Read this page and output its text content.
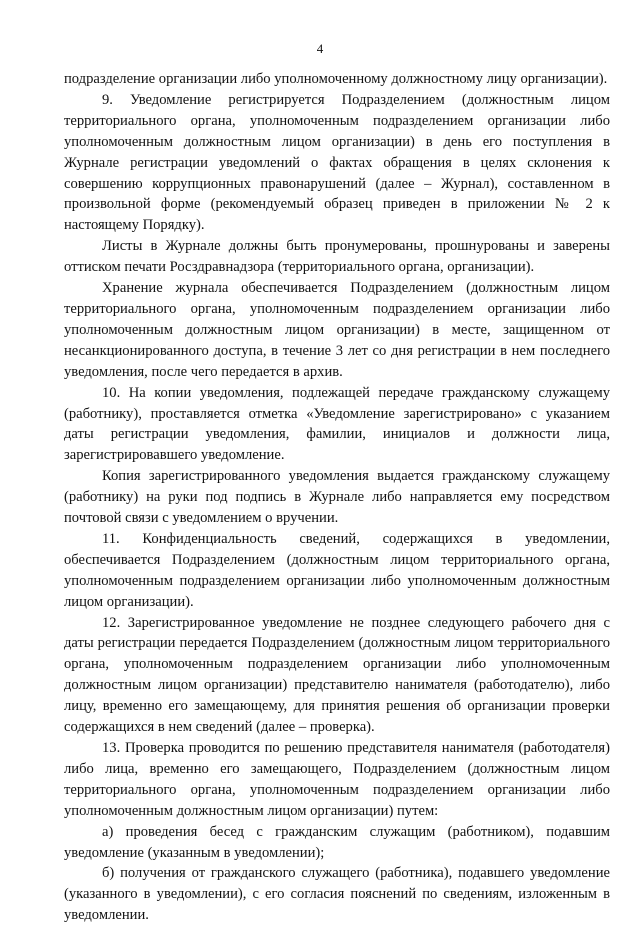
4

подразделение организации либо уполномоченному должностному лицу организации).

9. Уведомление регистрируется Подразделением (должностным лицом территориального органа, уполномоченным подразделением организации либо уполномоченным должностным лицом организации) в день его поступления в Журнале регистрации уведомлений о фактах обращения в целях склонения к совершению коррупционных правонарушений (далее – Журнал), составленном в произвольной форме (рекомендуемый образец приведен в приложении № 2 к настоящему Порядку).

Листы в Журнале должны быть пронумерованы, прошнурованы и заверены оттиском печати Росздравнадзора (территориального органа, организации).

Хранение журнала обеспечивается Подразделением (должностным лицом территориального органа, уполномоченным подразделением организации либо уполномоченным должностным лицом организации) в месте, защищенном от несанкционированного доступа, в течение 3 лет со дня регистрации в нем последнего уведомления, после чего передается в архив.

10. На копии уведомления, подлежащей передаче гражданскому служащему (работнику), проставляется отметка «Уведомление зарегистрировано» с указанием даты регистрации уведомления, фамилии, инициалов и должности лица, зарегистрировавшего уведомление.

Копия зарегистрированного уведомления выдается гражданскому служащему (работнику) на руки под подпись в Журнале либо направляется ему посредством почтовой связи с уведомлением о вручении.

11. Конфиденциальность сведений, содержащихся в уведомлении, обеспечивается Подразделением (должностным лицом территориального органа, уполномоченным подразделением организации либо уполномоченным должностным лицом организации).

12. Зарегистрированное уведомление не позднее следующего рабочего дня с даты регистрации передается Подразделением (должностным лицом территориального органа, уполномоченным подразделением организации либо уполномоченным должностным лицом организации) представителю нанимателя (работодателю), либо лицу, временно его замещающему, для принятия решения об организации проверки содержащихся в нем сведений (далее – проверка).

13. Проверка проводится по решению представителя нанимателя (работодателя) либо лица, временно его замещающего, Подразделением (должностным лицом территориального органа, уполномоченным подразделением организации либо уполномоченным должностным лицом организации) путем:

а) проведения бесед с гражданским служащим (работником), подавшим уведомление (указанным в уведомлении);

б) получения от гражданского служащего (работника), подавшего уведомление (указанного в уведомлении), с его согласия пояснений по сведениям, изложенным в уведомлении.
